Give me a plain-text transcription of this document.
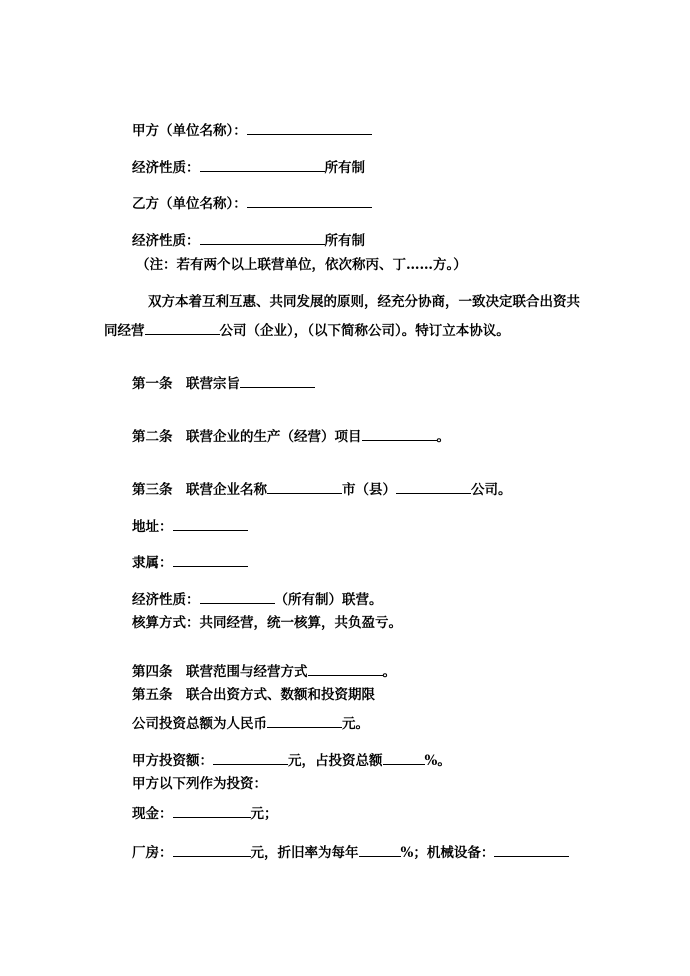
甲方（单位名称）：
经济性质：	所有制
乙方（单位名称）：
经济性质：	所有制
（注：若有两个以上联营单位，依次称丙、丁……方。）
双方本着互利互惠、共同发展的原则，经充分协商，一致决定联合出资共
同经营	公司（企业），（以下简称公司）。特订立本协议。
第一条　联营宗旨
第二条　联营企业的生产（经营）项目	。
第三条　联营企业名称	市（县）	公司。
地址：
隶属：
经济性质：	（所有制）联营。
核算方式：共同经营，统一核算，共负盈亏。
第四条　联营范围与经营方式	。
第五条　联合出资方式、数额和投资期限
公司投资总额为人民币	元。
甲方投资额：	元，占投资总额	%。
甲方以下列作为投资：
现金：	元；
厂房：	元，折旧率为每年	%；机械设备：
